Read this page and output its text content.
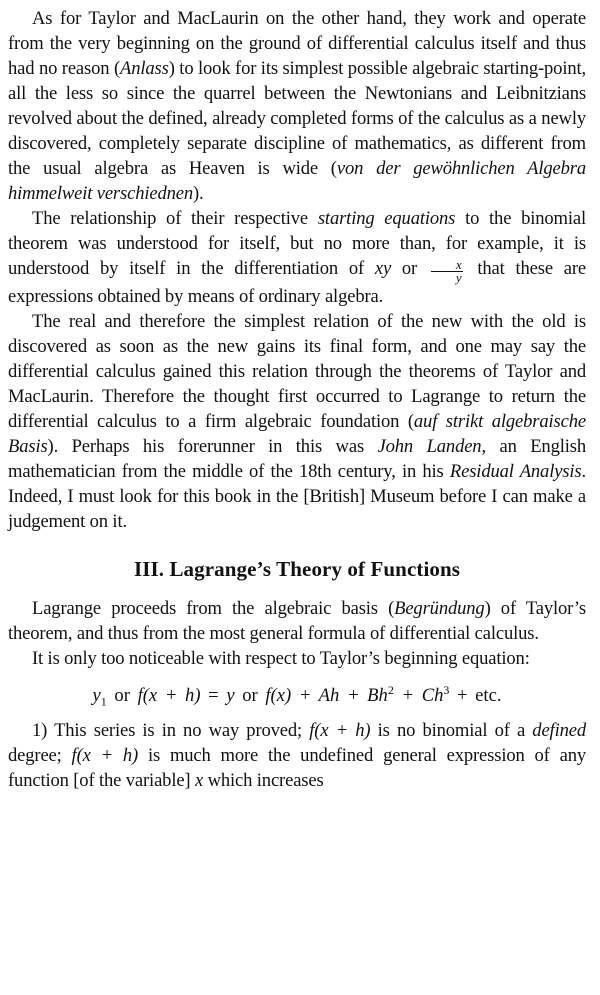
As for Taylor and MacLaurin on the other hand, they work and operate from the very beginning on the ground of differential calculus itself and thus had no reason (Anlass) to look for its simplest possible algebraic starting-point, all the less so since the quarrel between the Newtonians and Leibnitzians revolved about the defined, already completed forms of the calculus as a newly discovered, completely separate discipline of mathematics, as different from the usual algebra as Heaven is wide (von der gewöhnlichen Algebra himmelweit verschiednen).

The relationship of their respective starting equations to the binomial theorem was understood for itself, but no more than, for example, it is understood by itself in the differentiation of xy or $\frac{x}{y}$ that these are expressions obtained by means of ordinary algebra.

The real and therefore the simplest relation of the new with the old is discovered as soon as the new gains its final form, and one may say the differential calculus gained this relation through the theorems of Taylor and MacLaurin. Therefore the thought first occurred to Lagrange to return the differential calculus to a firm algebraic foundation (auf strikt algebraische Basis). Perhaps his forerunner in this was John Landen, an English mathematician from the middle of the 18th century, in his Residual Analysis. Indeed, I must look for this book in the [British] Museum before I can make a judgement on it.

III. Lagrange’s Theory of Functions

Lagrange proceeds from the algebraic basis (Begründung) of Taylor’s theorem, and thus from the most general formula of differential calculus.

It is only too noticeable with respect to Taylor’s beginning equation:

$y_1$ or f(x + h) = y or $f(x) + Ah + Bh^2 + Ch^3$ + etc.

1) This series is in no way proved; f(x + h) is no binomial of a defined degree; f(x + h) is much more the undefined general expression of any function [of the variable] x which increases
